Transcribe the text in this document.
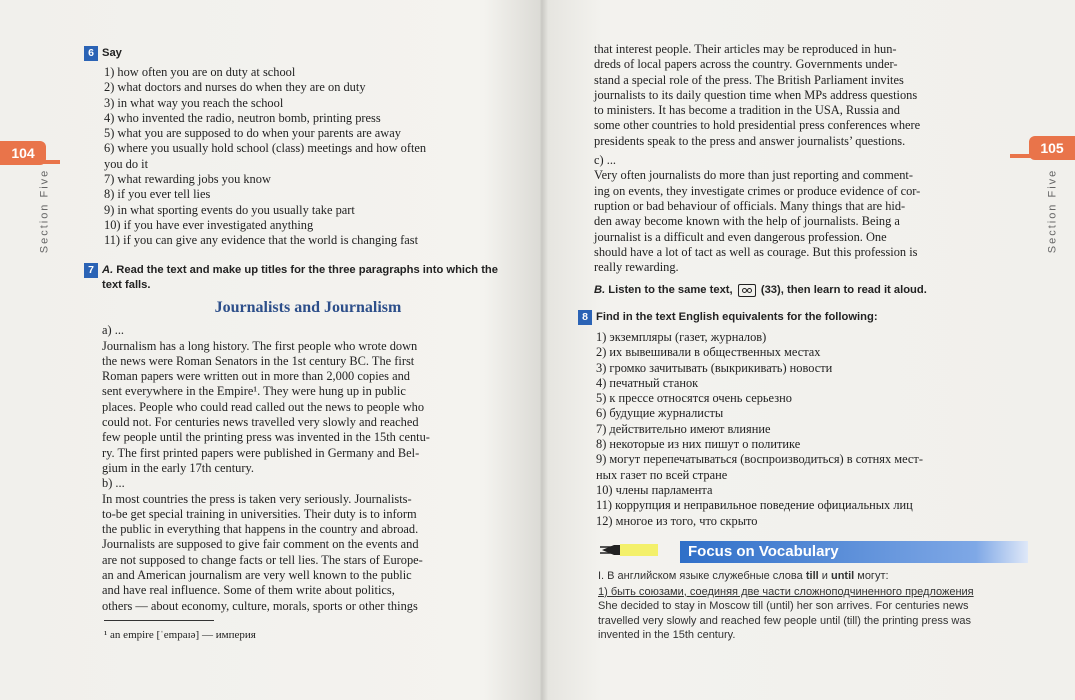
104
Section Five
6 Say
1) how often you are on duty at school
2) what doctors and nurses do when they are on duty
3) in what way you reach the school
4) who invented the radio, neutron bomb, printing press
5) what you are supposed to do when your parents are away
6) where you usually hold school (class) meetings and how often
you do it
7) what rewarding jobs you know
8) if you ever tell lies
9) in what sporting events do you usually take part
10) if you have ever investigated anything
11) if you can give any evidence that the world is changing fast
7 A. Read the text and make up titles for the three paragraphs into which the text falls.
Journalists and Journalism

a) ...

Journalism has a long history. The first people who wrote down

the news were Roman Senators in the 1st century BC. The first

Roman papers were written out in more than 2,000 copies and

sent everywhere in the Empire¹. They were hung up in public

places. People who could read called out the news to people who

could not. For centuries news travelled very slowly and reached

few people until the printing press was invented in the 15th centu-

ry. The first printed papers were published in Germany and Bel-

gium in the early 17th century.

b) ...

In most countries the press is taken very seriously. Journalists-

to-be get special training in universities. Their duty is to inform

the public in everything that happens in the country and abroad.

Journalists are supposed to give fair comment on the events and

are not supposed to change facts or tell lies. The stars of Europe-

an and American journalism are very well known to the public

and have real influence. Some of them write about politics,

others — about economy, culture, morals, sports or other things

¹ an empire [ˈempaɪə] — империя
105
Section Five

that interest people. Their articles may be reproduced in hun-

dreds of local papers across the country. Governments under-

stand a special role of the press. The British Parliament invites

journalists to its daily question time when MPs address questions

to ministers. It has become a tradition in the USA, Russia and

some other countries to hold presidential press conferences where

presidents speak to the press and answer journalists’ questions.

c) ...

Very often journalists do more than just reporting and comment-

ing on events, they investigate crimes or produce evidence of cor-

ruption or bad behaviour of officials. Many things that are hid-

den away become known with the help of journalists. Being a

journalist is a difficult and even dangerous profession. One

should have a lot of tact as well as courage. But this profession is

really rewarding.

B. Listen to the same text,	(33), then learn to read it aloud.
8 Find in the text English equivalents for the following:
1) экземпляры (газет, журналов)
2) их вывешивали в общественных местах
3) громко зачитывать (выкрикивать) новости
4) печатный станок
5) к прессе относятся очень серьезно
6) будущие журналисты
7) действительно имеют влияние
8) некоторые из них пишут о политике
9) могут перепечатываться (воспроизводиться) в сотнях мест-
ных газет по всей стране
10) члены парламента
11) коррупция и неправильное поведение официальных лиц
12) многое из того, что скрыто
Focus on Vocabulary

I. В английском языке служебные слова till и until могут:

1) быть союзами, соединяя две части сложноподчиненного предложения

She decided to stay in Moscow till (until) her son arrives. For centuries news

travelled very slowly and reached few people until (till) the printing press was

invented in the 15th century.
